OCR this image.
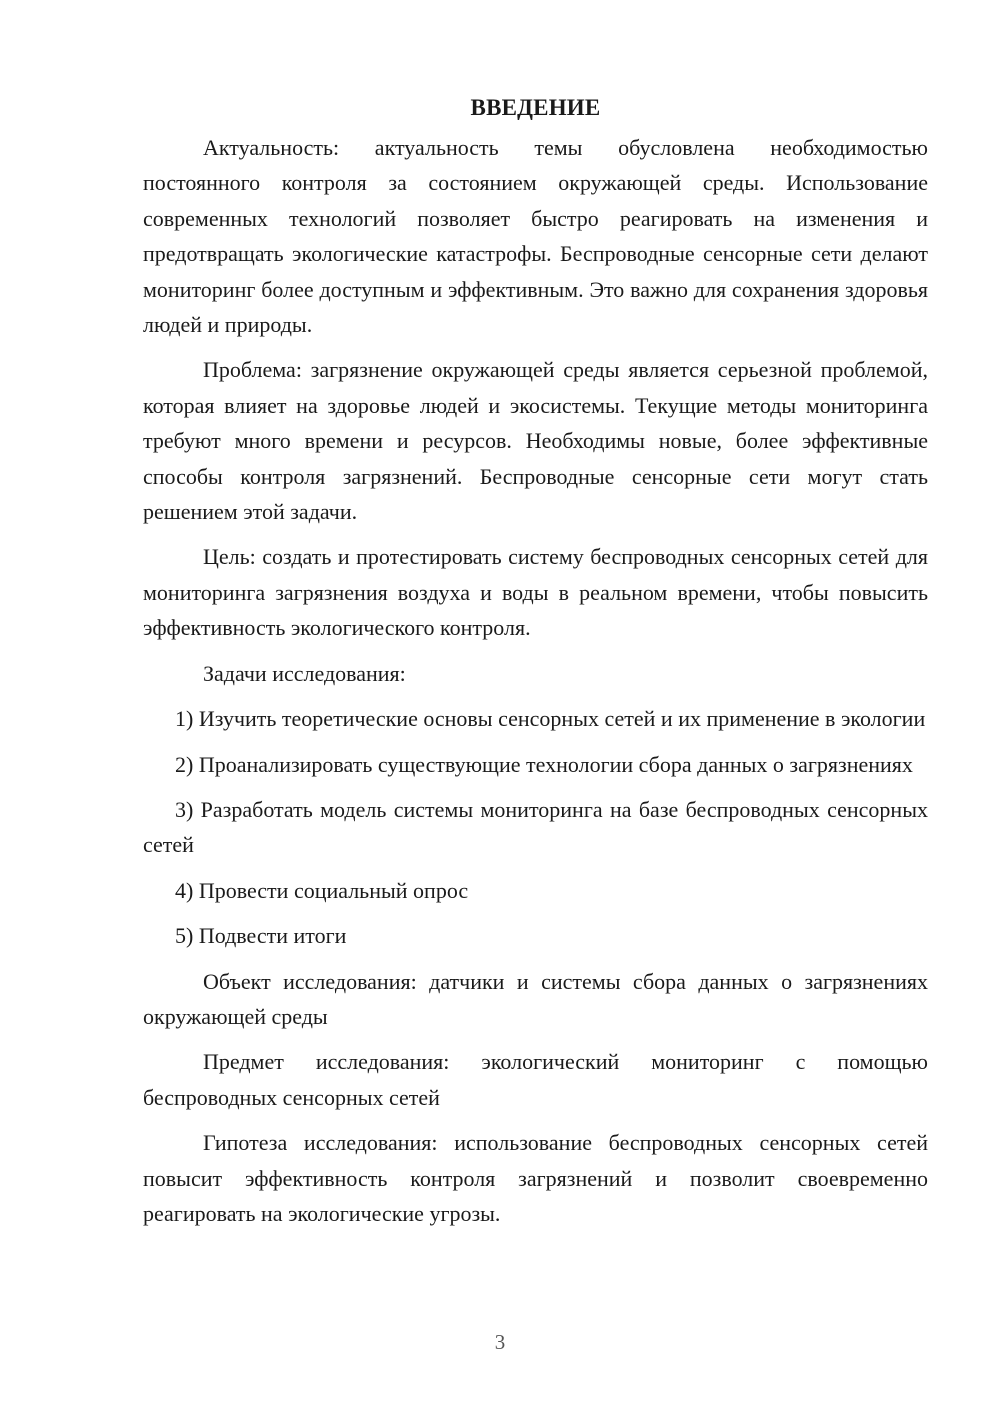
ВВЕДЕНИЕ

Актуальность: актуальность темы обусловлена необходимостью постоянного контроля за состоянием окружающей среды. Использование современных технологий позволяет быстро реагировать на изменения и предотвращать экологические катастрофы. Беспроводные сенсорные сети делают мониторинг более доступным и эффективным. Это важно для сохранения здоровья людей и природы.

Проблема: загрязнение окружающей среды является серьезной проблемой, которая влияет на здоровье людей и экосистемы. Текущие методы мониторинга требуют много времени и ресурсов. Необходимы новые, более эффективные способы контроля загрязнений. Беспроводные сенсорные сети могут стать решением этой задачи.

Цель: создать и протестировать систему беспроводных сенсорных сетей для мониторинга загрязнения воздуха и воды в реальном времени, чтобы повысить эффективность экологического контроля.

Задачи исследования:

1) Изучить теоретические основы сенсорных сетей и их применение в экологии

2) Проанализировать существующие технологии сбора данных о загрязнениях

3) Разработать модель системы мониторинга на базе беспроводных сенсорных сетей

4) Провести социальный опрос

5) Подвести итоги

Объект исследования: датчики и системы сбора данных о загрязнениях окружающей среды

Предмет исследования: экологический мониторинг с помощью беспроводных сенсорных сетей

Гипотеза исследования: использование беспроводных сенсорных сетей повысит эффективность контроля загрязнений и позволит своевременно реагировать на экологические угрозы.

3
